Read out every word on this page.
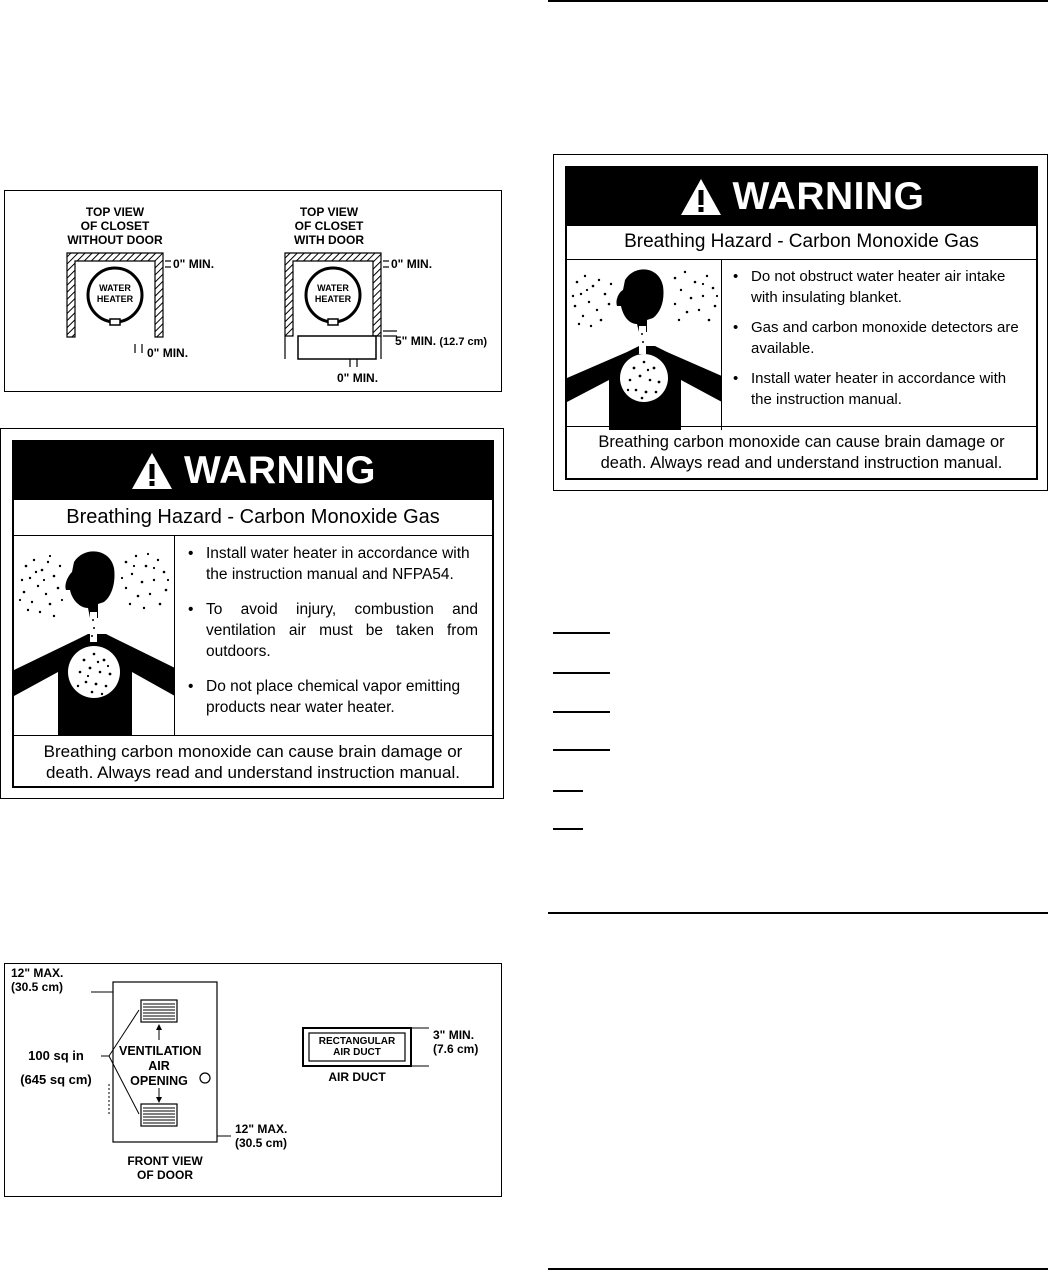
TOP VIEW
OF CLOSET
WITHOUT DOOR
WATER
HEATER
0" MIN.
0" MIN.
TOP VIEW
OF CLOSET
WITH DOOR
WATER
HEATER
0" MIN.
5" MIN. (12.7 cm)
0" MIN.
WARNING
Breathing Hazard - Carbon Monoxide Gas
• Install water heater in accordance with the instruction manual and NFPA54.
• To avoid injury, combustion and ventilation air must be taken from outdoors.
• Do not place chemical vapor emitting products near water heater.
Breathing carbon monoxide can cause brain damage or death. Always read and understand instruction manual.
12" MAX.
(30.5 cm)
100 sq in
(645 sq cm)
VENTILATION
AIR
OPENING
12" MAX.
(30.5 cm)
FRONT VIEW
OF DOOR
RECTANGULAR
AIR DUCT
3" MIN.
(7.6 cm)
AIR DUCT
WARNING
Breathing Hazard - Carbon Monoxide Gas
• Do not obstruct water heater air intake with insulating blanket.
• Gas and carbon monoxide detectors are available.
• Install water heater in accordance with the instruction manual.
Breathing carbon monoxide can cause brain damage or death. Always read and understand instruction manual.
